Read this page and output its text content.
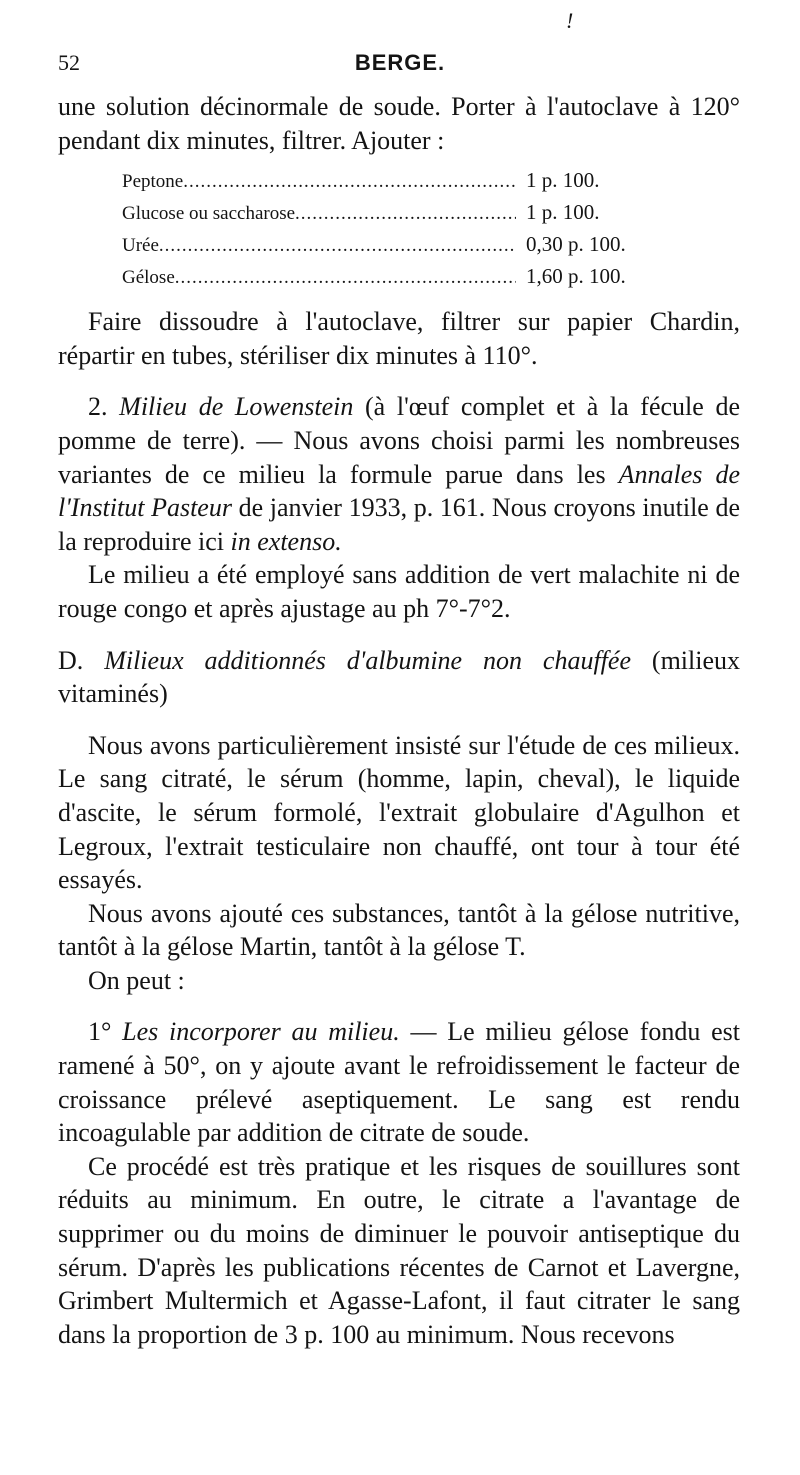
!
52	BERGE.

une solution décinormale de soude. Porter à l'autoclave à 120° pendant dix minutes, filtrer. Ajouter :

Peptone .....	1 p. 100.
Glucose ou saccharose .....	1 p. 100.
Urée .....	0,30 p. 100.
Gélose .....	1,60 p. 100.

Faire dissoudre à l'autoclave, filtrer sur papier Chardin, répartir en tubes, stériliser dix minutes à 110°.

2. Milieu de Lowenstein (à l'œuf complet et à la fécule de pomme de terre). — Nous avons choisi parmi les nombreuses variantes de ce milieu la formule parue dans les Annales de l'Institut Pasteur de janvier 1933, p. 161. Nous croyons inutile de la reproduire ici in extenso.

Le milieu a été employé sans addition de vert malachite ni de rouge congo et après ajustage au ph 7°-7°2.

D. Milieux additionnés d'albumine non chauffée (milieux vitaminés)

Nous avons particulièrement insisté sur l'étude de ces milieux. Le sang citraté, le sérum (homme, lapin, cheval), le liquide d'ascite, le sérum formolé, l'extrait globulaire d'Agulhon et Legroux, l'extrait testiculaire non chauffé, ont tour à tour été essayés.

Nous avons ajouté ces substances, tantôt à la gélose nutritive, tantôt à la gélose Martin, tantôt à la gélose T.

On peut :

1° Les incorporer au milieu. — Le milieu gélose fondu est ramené à 50°, on y ajoute avant le refroidissement le facteur de croissance prélevé aseptiquement. Le sang est rendu incoagulable par addition de citrate de soude.

Ce procédé est très pratique et les risques de souillures sont réduits au minimum. En outre, le citrate a l'avantage de supprimer ou du moins de diminuer le pouvoir antiseptique du sérum. D'après les publications récentes de Carnot et Lavergne, Grimbert Multermich et Agasse-Lafont, il faut citrater le sang dans la proportion de 3 p. 100 au minimum. Nous recevons
